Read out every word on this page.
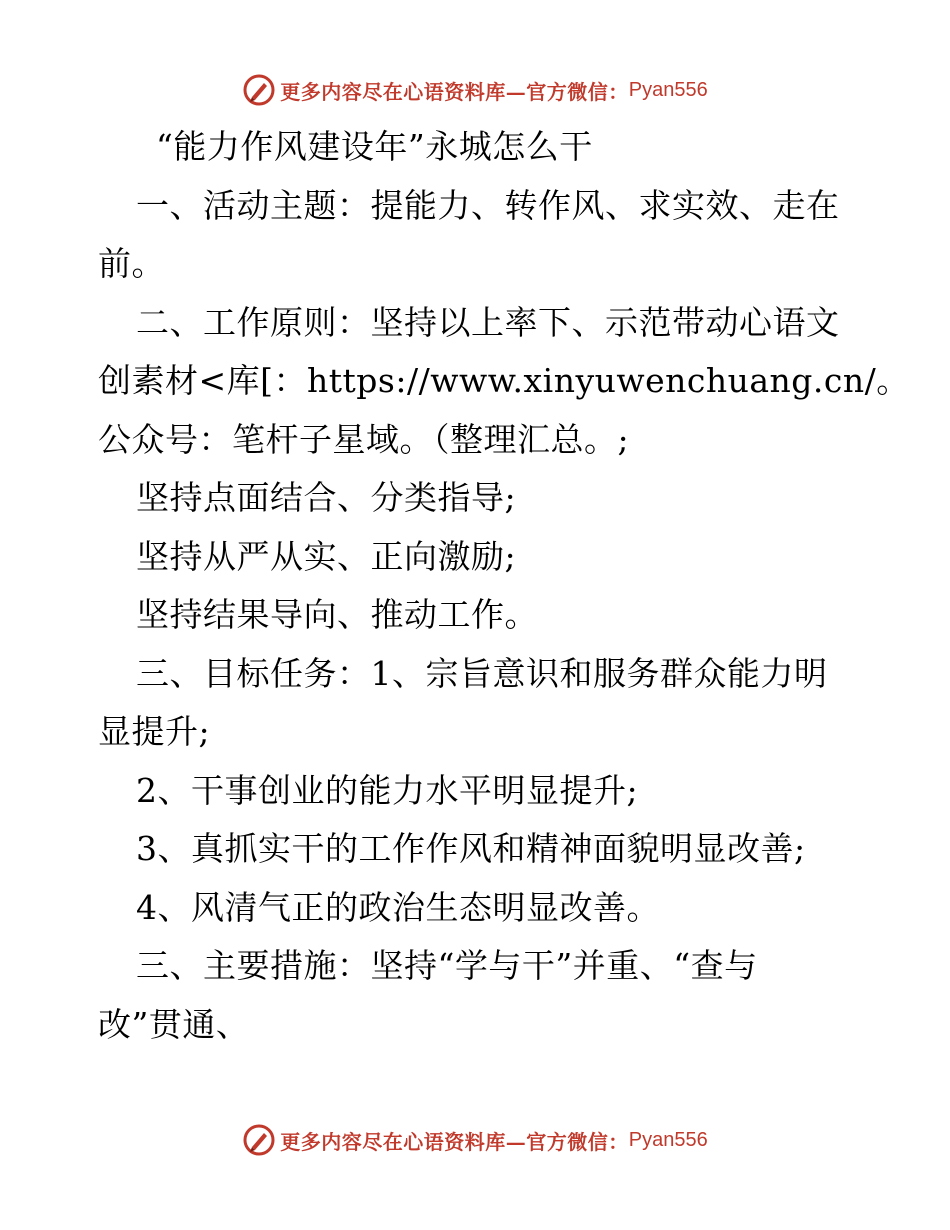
更多内容尽在心语资料库—官方微信： Pyan556
“能力作风建设年”永城怎么干
一、活动主题：提能力、转作风、求实效、走在
前。
二、工作原则：坚持以上率下、示范带动心语文
创素材<库[：https://www.xinyuwenchuang.cn/。
公众号：笔杆子星域。（整理汇总。;
坚持点面结合、分类指导;
坚持从严从实、正向激励;
坚持结果导向、推动工作。
三、目标任务：1、宗旨意识和服务群众能力明
显提升;
2、干事创业的能力水平明显提升;
3、真抓实干的工作作风和精神面貌明显改善;
4、风清气正的政治生态明显改善。
三、主要措施：坚持“学与干”并重、“查与
改”贯通、
更多内容尽在心语资料库—官方微信： Pyan556
